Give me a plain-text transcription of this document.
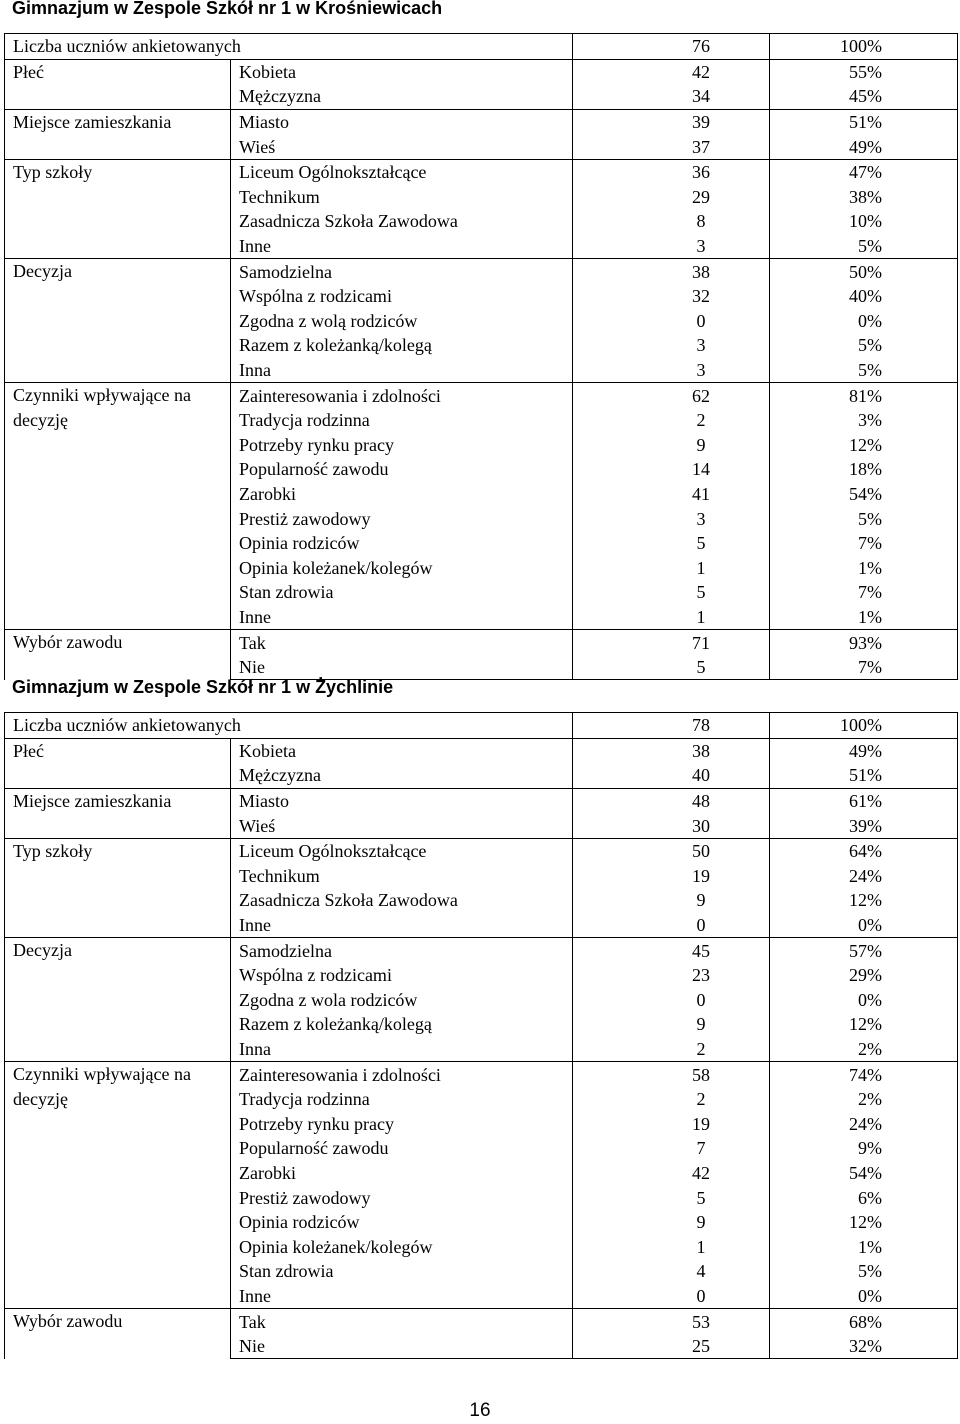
Gimnazjum w Zespole Szkół nr 1 w Krośniewicach
Liczba uczniów ankietowanych		76	100%
Płeć	Kobieta	42	55%
	Mężczyzna	34	45%
Miejsce zamieszkania	Miasto	39	51%
	Wieś	37	49%
Typ szkoły	Liceum Ogólnokształcące	36	47%
	Technikum	29	38%
	Zasadnicza Szkoła Zawodowa	8	10%
	Inne	3	5%
Decyzja	Samodzielna	38	50%
	Wspólna z rodzicami	32	40%
	Zgodna z wolą rodziców	0	0%
	Razem z koleżanką/kolegą	3	5%
	Inna	3	5%
Czynniki wpływające na decyzję	Zainteresowania i zdolności	62	81%
	Tradycja rodzinna	2	3%
	Potrzeby rynku pracy	9	12%
	Popularność zawodu	14	18%
	Zarobki	41	54%
	Prestiż zawodowy	3	5%
	Opinia rodziców	5	7%
	Opinia koleżanek/kolegów	1	1%
	Stan zdrowia	5	7%
	Inne	1	1%
Wybór zawodu	Tak	71	93%
	Nie	5	7%
Gimnazjum w Zespole Szkół nr 1 w Żychlinie
Liczba uczniów ankietowanych		78	100%
Płeć	Kobieta	38	49%
	Mężczyzna	40	51%
Miejsce zamieszkania	Miasto	48	61%
	Wieś	30	39%
Typ szkoły	Liceum Ogólnokształcące	50	64%
	Technikum	19	24%
	Zasadnicza Szkoła Zawodowa	9	12%
	Inne	0	0%
Decyzja	Samodzielna	45	57%
	Wspólna z rodzicami	23	29%
	Zgodna z wola rodziców	0	0%
	Razem z koleżanką/kolegą	9	12%
	Inna	2	2%
Czynniki wpływające na decyzję	Zainteresowania i zdolności	58	74%
	Tradycja rodzinna	2	2%
	Potrzeby rynku pracy	19	24%
	Popularność zawodu	7	9%
	Zarobki	42	54%
	Prestiż zawodowy	5	6%
	Opinia rodziców	9	12%
	Opinia koleżanek/kolegów	1	1%
	Stan zdrowia	4	5%
	Inne	0	0%
Wybór zawodu	Tak	53	68%
	Nie	25	32%
16
